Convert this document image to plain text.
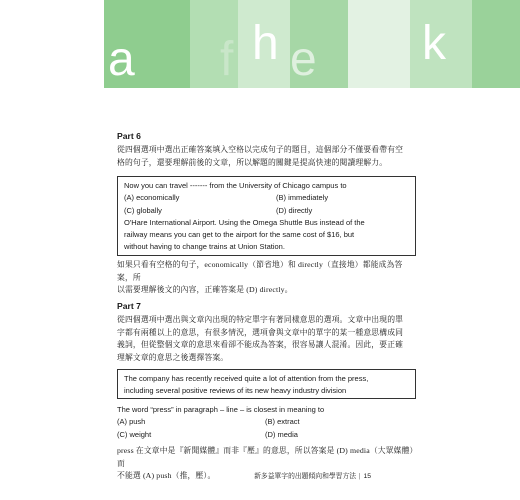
a f h e k
Part 6
從四個選項中選出正確答案填入空格以完成句子的題目，這個部分不僅要看帶有空
格的句子，還要理解前後的文章，所以解題的關鍵是提高快速的閱讀理解力。
Now you can travel ------- from the University of Chicago campus to
(A) economically	(B) immediately
(C) globally	(D) directly
O'Hare International Airport. Using the Omega Shuttle Bus instead of the
railway means you can get to the airport for the same cost of $16, but
without having to change trains at Union Station.
如果只看有空格的句子，economically（節省地）和 directly（直接地）都能成為答案，所
以需要理解後文的內容，正確答案是 (D) directly。
Part 7
從四個選項中選出與文章內出現的特定單字有著同樣意思的選項。文章中出現的單
字都有兩種以上的意思，有很多情況，選項會與文章中的單字的某一種意思構成同
義詞，但從整個文章的意思來看卻不能成為答案，很容易讓人混淆。因此，要正確
理解文章的意思之後選擇答案。
The company has recently received quite a lot of attention from the press,
including several positive reviews of its new heavy industry division
The word “press” in paragraph – line – is closest in meaning to
(A) push	(B) extract
(C) weight	(D) media
press 在文章中是『新聞媒體』而非『壓』的意思，所以答案是 (D) media（大眾媒體）而
不能選 (A) push（推，壓）。	新多益單字的出題傾向和學習方法 | 15
